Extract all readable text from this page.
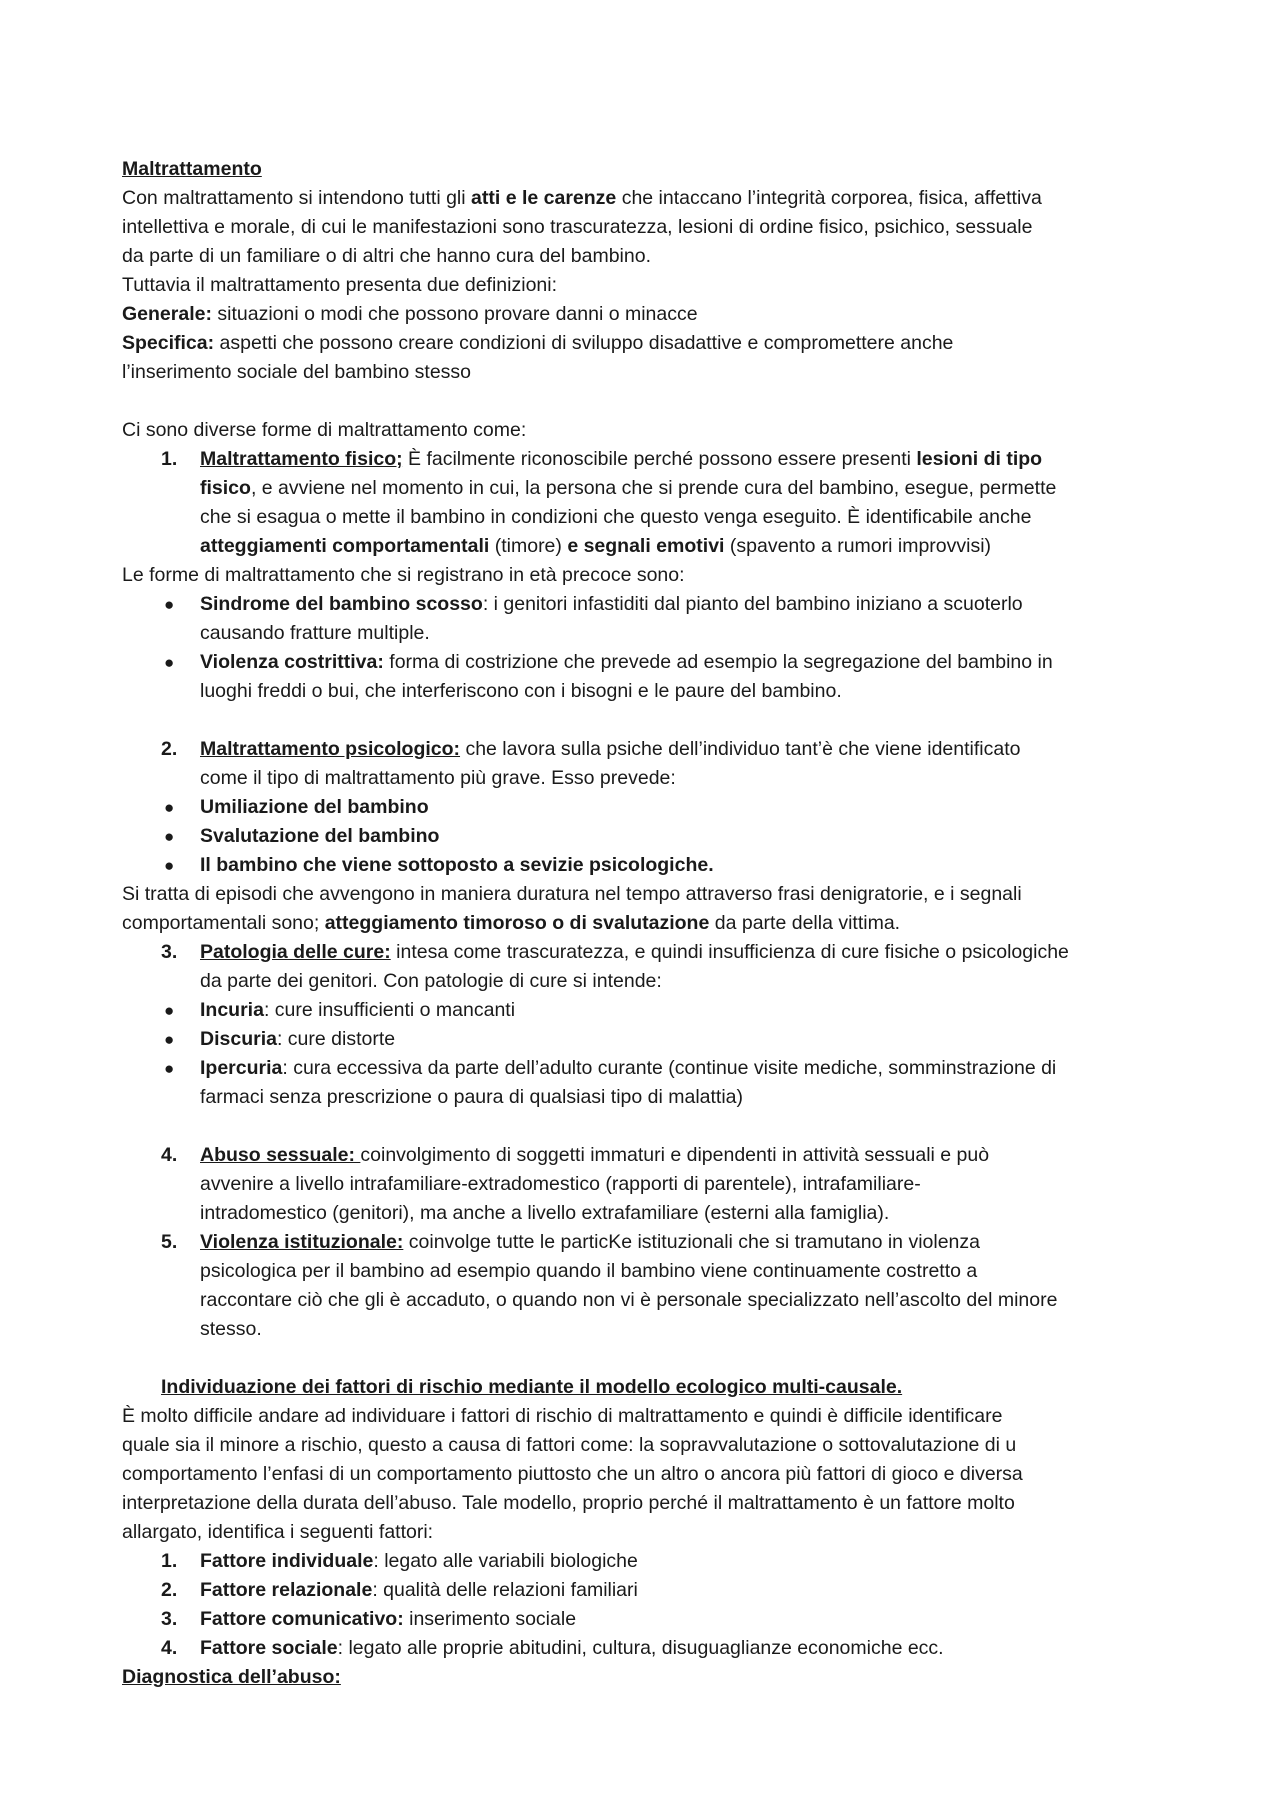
Maltrattamento
Con maltrattamento si intendono tutti gli atti e le carenze che intaccano l’integrità corporea, fisica, affettiva
intellettiva e morale, di cui le manifestazioni sono trascuratezza, lesioni di ordine fisico, psichico, sessuale
da parte di un familiare o di altri che hanno cura del bambino.
Tuttavia il maltrattamento presenta due definizioni:
Generale: situazioni o modi che possono provare danni o minacce
Specifica: aspetti che possono creare condizioni di sviluppo disadattive e compromettere anche
l’inserimento sociale del bambino stesso
Ci sono diverse forme di maltrattamento come:
1. Maltrattamento fisico; È facilmente riconoscibile perché possono essere presenti lesioni di tipo
fisico, e avviene nel momento in cui, la persona che si prende cura del bambino, esegue, permette
che si esagua o mette il bambino in condizioni che questo venga eseguito. È identificabile anche
atteggiamenti comportamentali (timore) e segnali emotivi (spavento a rumori improvvisi)
Le forme di maltrattamento che si registrano in età precoce sono:
● Sindrome del bambino scosso: i genitori infastiditi dal pianto del bambino iniziano a scuoterlo
causando fratture multiple.
● Violenza costrittiva: forma di costrizione che prevede ad esempio la segregazione del bambino in
luoghi freddi o bui, che interferiscono con i bisogni e le paure del bambino.
2. Maltrattamento psicologico: che lavora sulla psiche dell’individuo tant’è che viene identificato
come il tipo di maltrattamento più grave. Esso prevede:
● Umiliazione del bambino
● Svalutazione del bambino
● Il bambino che viene sottoposto a sevizie psicologiche.
Si tratta di episodi che avvengono in maniera duratura nel tempo attraverso frasi denigratorie, e i segnali
comportamentali sono; atteggiamento timoroso o di svalutazione da parte della vittima.
3. Patologia delle cure: intesa come trascuratezza, e quindi insufficienza di cure fisiche o psicologiche
da parte dei genitori. Con patologie di cure si intende:
● Incuria: cure insufficienti o mancanti
● Discuria: cure distorte
● Ipercuria: cura eccessiva da parte dell’adulto curante (continue visite mediche, somminstrazione di
farmaci senza prescrizione o paura di qualsiasi tipo di malattia)
4. Abuso sessuale: coinvolgimento di soggetti immaturi e dipendenti in attività sessuali e può
avvenire a livello intrafamiliare-extradomestico (rapporti di parentele), intrafamiliare-
intradomestico (genitori), ma anche a livello extrafamiliare (esterni alla famiglia).
5. Violenza istituzionale: coinvolge tutte le particKe istituzionali che si tramutano in violenza
psicologica per il bambino ad esempio quando il bambino viene continuamente costretto a
raccontare ciò che gli è accaduto, o quando non vi è personale specializzato nell’ascolto del minore
stesso.
Individuazione dei fattori di rischio mediante il modello ecologico multi-causale.
È molto difficile andare ad individuare i fattori di rischio di maltrattamento e quindi è difficile identificare
quale sia il minore a rischio, questo a causa di fattori come: la sopravvalutazione o sottovalutazione di u
comportamento l’enfasi di un comportamento piuttosto che un altro o ancora più fattori di gioco e diversa
interpretazione della durata dell’abuso. Tale modello, proprio perché il maltrattamento è un fattore molto
allargato, identifica i seguenti fattori:
1. Fattore individuale: legato alle variabili biologiche
2. Fattore relazionale: qualità delle relazioni familiari
3. Fattore comunicativo: inserimento sociale
4. Fattore sociale: legato alle proprie abitudini, cultura, disuguaglianze economiche ecc.
Diagnostica dell’abuso:
